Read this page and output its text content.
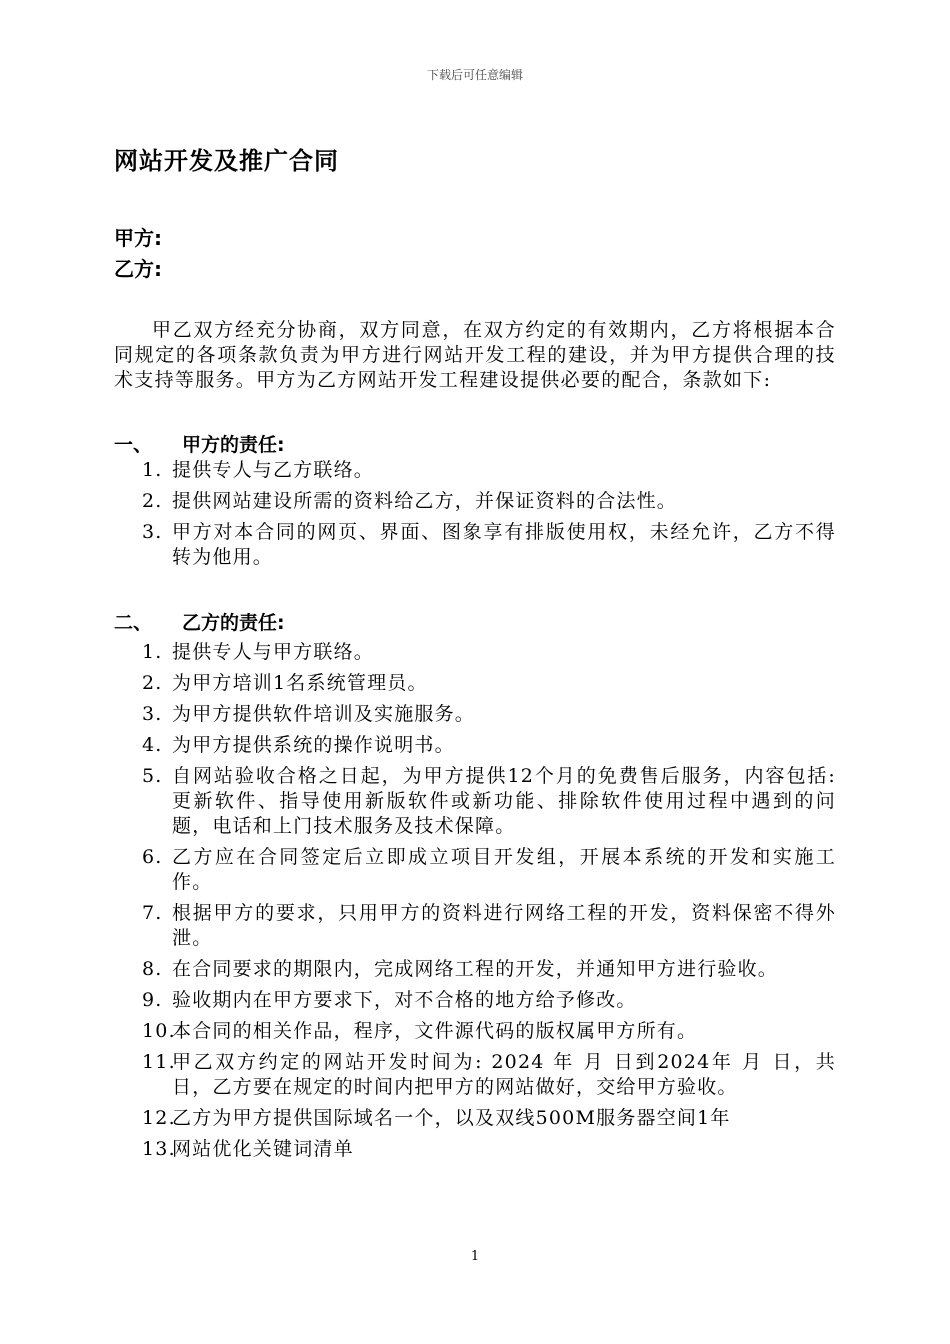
下载后可任意编辑
网站开发及推广合同
甲方:
乙方:
甲乙双方经充分协商，双方同意，在双方约定的有效期内，乙方将根据本合同规定的各项条款负责为甲方进行网站开发工程的建设，并为甲方提供合理的技术支持等服务。甲方为乙方网站开发工程建设提供必要的配合，条款如下:
一、 甲方的责任:
1. 提供专人与乙方联络。
2. 提供网站建设所需的资料给乙方，并保证资料的合法性。
3. 甲方对本合同的网页、界面、图象享有排版使用权，未经允许，乙方不得转为他用。
二、 乙方的责任:
1. 提供专人与甲方联络。
2. 为甲方培训1名系统管理员。
3. 为甲方提供软件培训及实施服务。
4. 为甲方提供系统的操作说明书。
5. 自网站验收合格之日起，为甲方提供12个月的免费售后服务，内容包括: 更新软件、指导使用新版软件或新功能、排除软件使用过程中遇到的问题，电话和上门技术服务及技术保障。
6. 乙方应在合同签定后立即成立项目开发组，开展本系统的开发和实施工作。
7. 根据甲方的要求，只用甲方的资料进行网络工程的开发，资料保密不得外泄。
8. 在合同要求的期限内，完成网络工程的开发，并通知甲方进行验收。
9. 验收期内在甲方要求下，对不合格的地方给予修改。
10.
本合同的相关作品，程序，文件源代码的版权属甲方所有。
11.
甲乙双方约定的网站开发时间为: 2024 年 月 日到2024年 月 日，共 日，乙方要在规定的时间内把甲方的网站做好，交给甲方验收。
12.
乙方为甲方提供国际域名一个，以及双线500M服务器空间1年
13.
网站优化关键词清单
1
